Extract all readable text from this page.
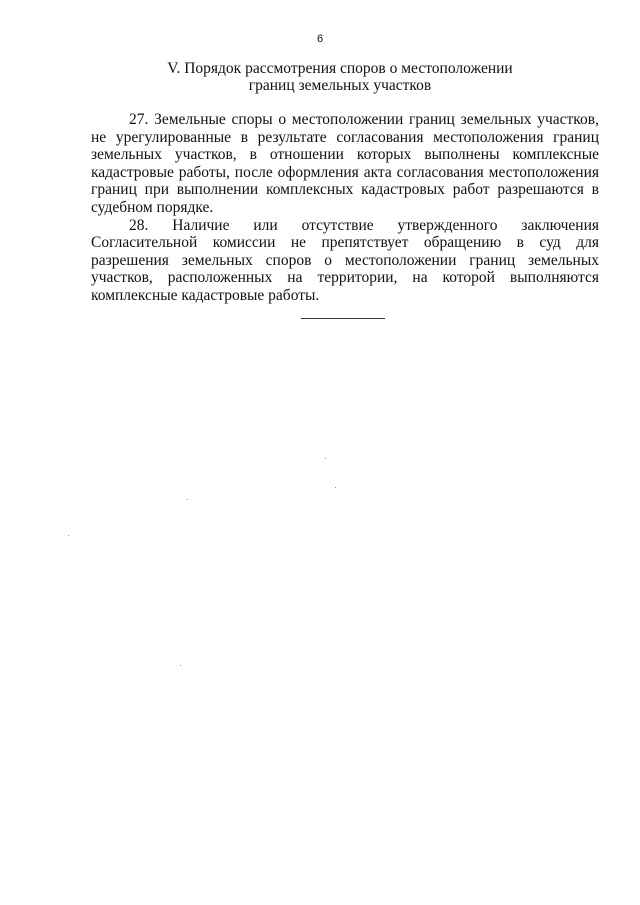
6
V. Порядок рассмотрения споров о местоположении
границ земельных участков

27. Земельные споры о местоположении границ земельных участков, не урегулированные в результате согласования местоположения границ земельных участков, в отношении которых выполнены комплексные кадастровые работы, после оформления акта согласования местоположения границ при выполнении комплексных кадастровых работ разрешаются в судебном порядке.

28. Наличие или отсутствие утвержденного заключения Согласительной комиссии не препятствует обращению в суд для разрешения земельных споров о местоположении границ земельных участков, расположенных на территории, на которой выполняются комплексные кадастровые работы.
